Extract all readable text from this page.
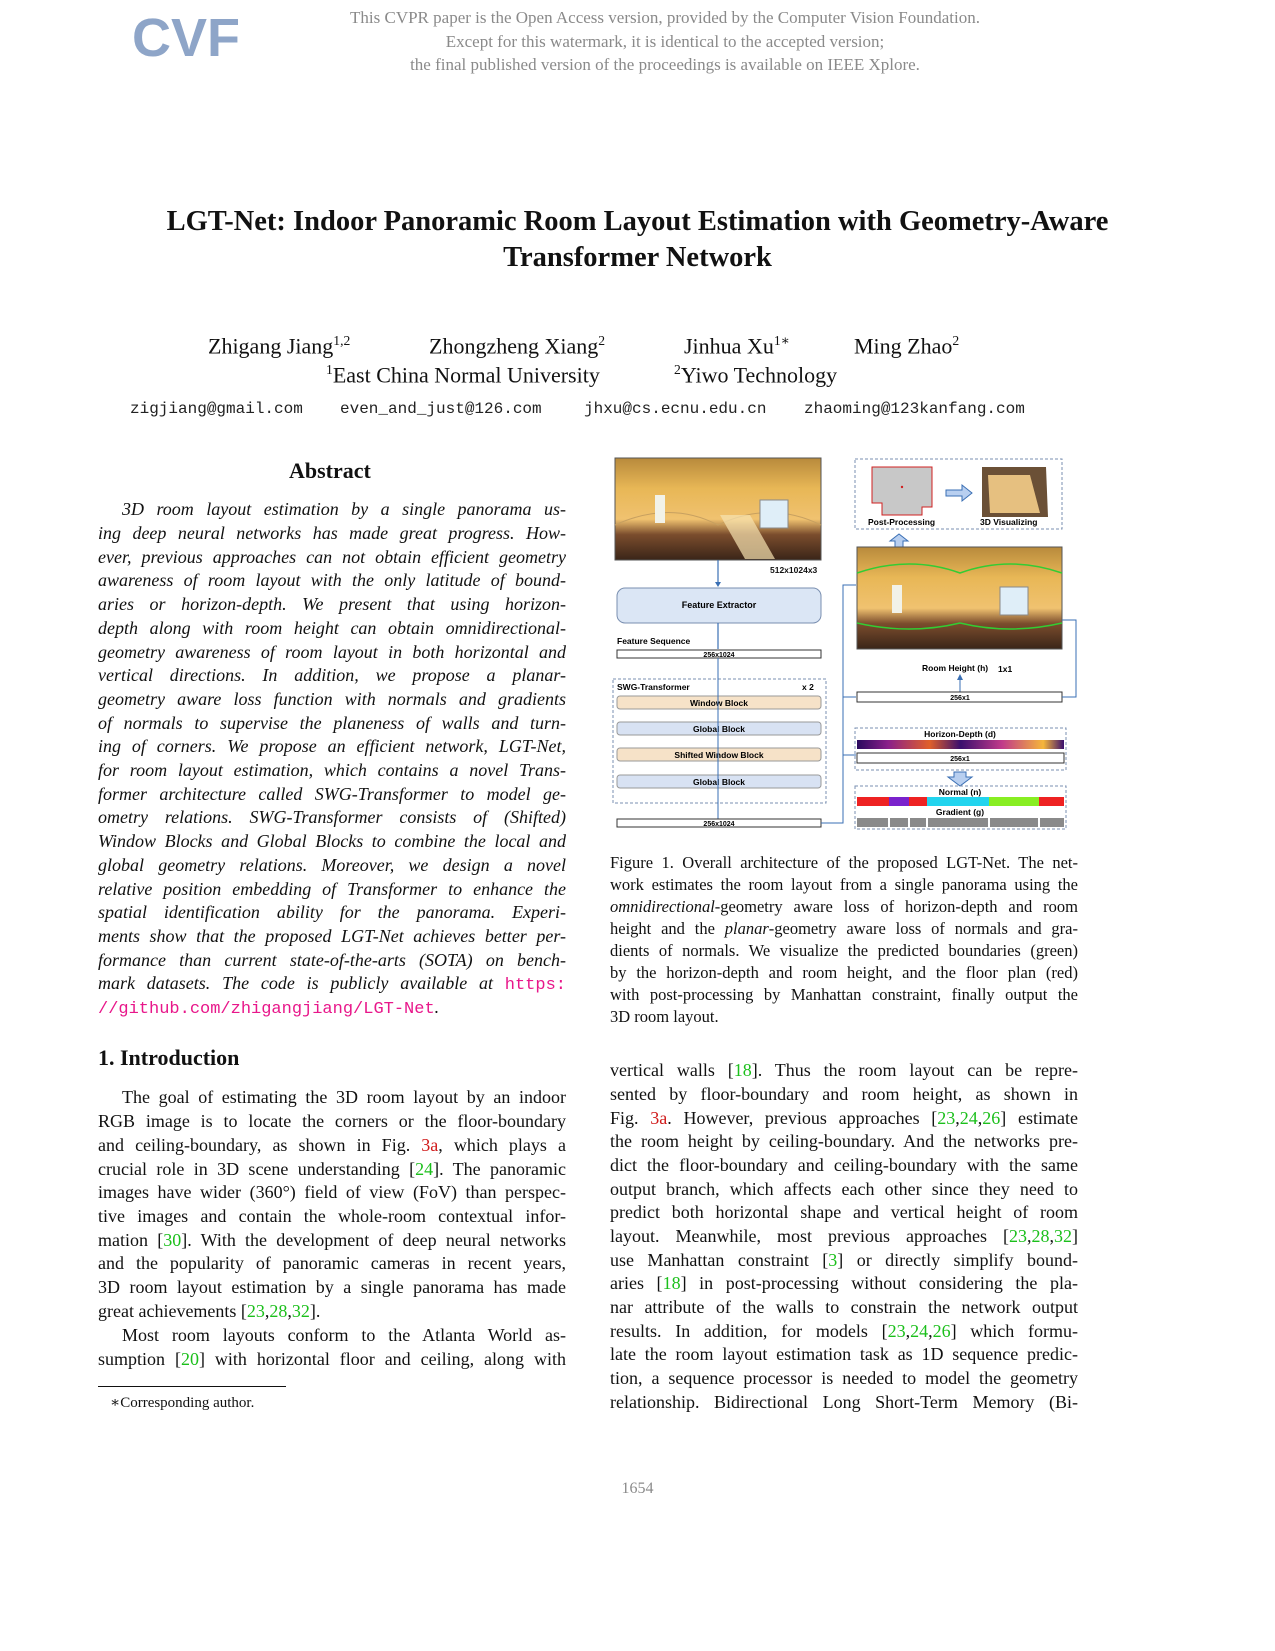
CVF	This CVPR paper is the Open Access version, provided by the Computer Vision Foundation.
Except for this watermark, it is identical to the accepted version;
the final published version of the proceedings is available on IEEE Xplore.
LGT-Net: Indoor Panoramic Room Layout Estimation with Geometry-Aware
Transformer Network
Zhigang Jiang$^{1,2}$	Zhongzheng Xiang$^2$	Jinhua $Xu^{1∗}$	Ming Zhao$^2$
$^1$East China Normal University	$^2$Yiwo Technology
zigjiang@gmail.com even_and_just@126.com	jhxu@cs.ecnu.edu.cn zhaoming@123kanfang.com
Abstract
3D room layout estimation by a single panorama us-
ing deep neural networks has made great progress. How-
ever, previous approaches can not obtain efficient geometry
awareness of room layout with the only latitude of bound-
aries or horizon-depth. We present that using horizon-
depth along with room height can obtain omnidirectional-
geometry awareness of room layout in both horizontal and
vertical directions. In addition, we propose a planar-
geometry aware loss function with normals and gradients
of normals to supervise the planeness of walls and turn-
ing of corners. We propose an efficient network, LGT-Net,
for room layout estimation, which contains a novel Trans-
former architecture called SWG-Transformer to model ge-
ometry relations. SWG-Transformer consists of (Shifted)
Window Blocks and Global Blocks to combine the local and
global geometry relations. Moreover, we design a novel
relative position embedding of Transformer to enhance the
spatial identification ability for the panorama. Experi-
ments show that the proposed LGT-Net achieves better per-
formance than current state-of-the-arts (SOTA) on bench-
mark datasets. The code is publicly available at https:
//github.com/zhigangjiang/LGT-Net.
1. Introduction
The goal of estimating the 3D room layout by an indoor
RGB image is to locate the corners or the floor-boundary
and ceiling-boundary, as shown in Fig. 3a, which plays a
crucial role in 3D scene understanding [24]. The panoramic
images have wider (360°) field of view (FoV) than perspec-
tive images and contain the whole-room contextual infor-
mation [30]. With the development of deep neural networks
and the popularity of panoramic cameras in recent years,
3D room layout estimation by a single panorama has made
great achievements [23,28,32].
Most room layouts conform to the Atlanta World as-
sumption [20] with horizontal floor and ceiling, along with
∗Corresponding author.
512x1024x3
Feature Extractor
Feature Sequence
256x1024
SWG-Transformer	x 2
Window Block
Global Block
Shifted Window Block
Global Block
256x1024
Post-Processing	3D Visualizing
Room Height (h) 1x1
256x1
Horizon-Depth (d)
256x1
Normal (n)
Gradient (g)
Figure 1. Overall architecture of the proposed LGT-Net. The net-
work estimates the room layout from a single panorama using the
omnidirectional-geometry aware loss of horizon-depth and room
height and the planar-geometry aware loss of normals and gra-
dients of normals. We visualize the predicted boundaries (green)
by the horizon-depth and room height, and the floor plan (red)
with post-processing by Manhattan constraint, finally output the
3D room layout.
vertical walls [18]. Thus the room layout can be repre-
sented by floor-boundary and room height, as shown in
Fig. 3a. However, previous approaches [23,24,26] estimate
the room height by ceiling-boundary. And the networks pre-
dict the floor-boundary and ceiling-boundary with the same
output branch, which affects each other since they need to
predict both horizontal shape and vertical height of room
layout. Meanwhile, most previous approaches [23,28,32]
use Manhattan constraint [3] or directly simplify bound-
aries [18] in post-processing without considering the pla-
nar attribute of the walls to constrain the network output
results. In addition, for models [23,24,26] which formu-
late the room layout estimation task as 1D sequence predic-
tion, a sequence processor is needed to model the geometry
relationship. Bidirectional Long Short-Term Memory (Bi-
1654
